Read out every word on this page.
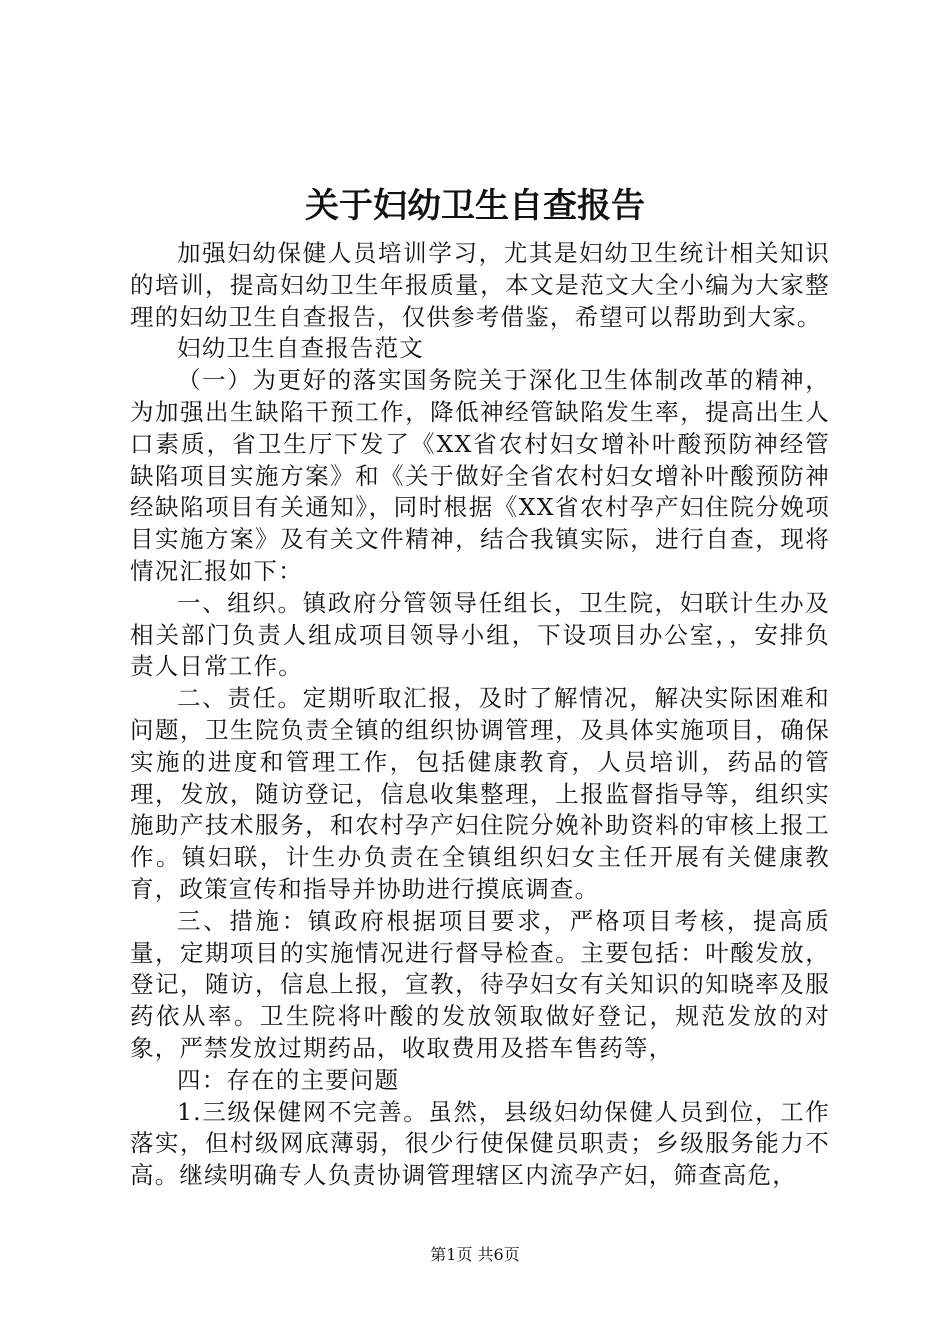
关于妇幼卫生自查报告

加强妇幼保健人员培训学习，尤其是妇幼卫生统计相关知识的培训，提高妇幼卫生年报质量，本文是范文大全小编为大家整理的妇幼卫生自查报告，仅供参考借鉴，希望可以帮助到大家。

妇幼卫生自查报告范文

（一）为更好的落实国务院关于深化卫生体制改革的精神，为加强出生缺陷干预工作，降低神经管缺陷发生率，提高出生人口素质，省卫生厅下发了《XX省农村妇女增补叶酸预防神经管缺陷项目实施方案》和《关于做好全省农村妇女增补叶酸预防神经缺陷项目有关通知》，同时根据《XX省农村孕产妇住院分娩项目实施方案》及有关文件精神，结合我镇实际，进行自查，现将情况汇报如下：

一、组织。镇政府分管领导任组长，卫生院，妇联计生办及相关部门负责人组成项目领导小组，下设项目办公室，，安排负责人日常工作。

二、责任。定期听取汇报，及时了解情况，解决实际困难和问题，卫生院负责全镇的组织协调管理，及具体实施项目，确保实施的进度和管理工作，包括健康教育，人员培训，药品的管理，发放，随访登记，信息收集整理，上报监督指导等，组织实施助产技术服务，和农村孕产妇住院分娩补助资料的审核上报工作。镇妇联，计生办负责在全镇组织妇女主任开展有关健康教育，政策宣传和指导并协助进行摸底调查。

三、措施：镇政府根据项目要求，严格项目考核，提高质量，定期项目的实施情况进行督导检查。主要包括：叶酸发放，登记，随访，信息上报，宣教，待孕妇女有关知识的知晓率及服药依从率。卫生院将叶酸的发放领取做好登记，规范发放的对象，严禁发放过期药品，收取费用及搭车售药等，

四：存在的主要问题

1.三级保健网不完善。虽然，县级妇幼保健人员到位，工作落实，但村级网底薄弱，很少行使保健员职责；乡级服务能力不高。继续明确专人负责协调管理辖区内流孕产妇，筛查高危，

第1页 共6页
